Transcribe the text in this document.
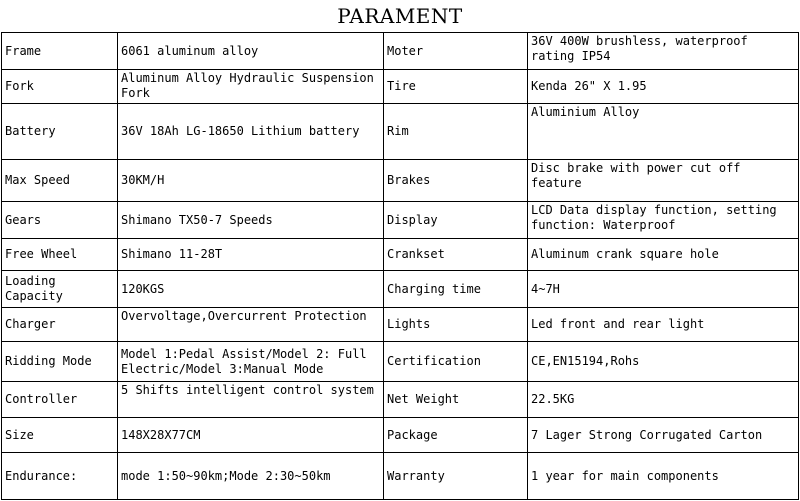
PARAMENT
Frame	6061 aluminum alloy	Moter	36V 400W brushless, waterproof rating IP54
Fork	Aluminum Alloy Hydraulic Suspension Fork	Tire	Kenda 26" X 1.95
Battery	36V 18Ah LG-18650 Lithium battery	Rim	Aluminium Alloy
Max Speed	30KM/H	Brakes	Disc brake with power cut off feature
Gears	Shimano TX50-7 Speeds	Display	LCD Data display function, setting function: Waterproof
Free Wheel	Shimano 11-28T	Crankset	Aluminum crank square hole
Loading Capacity	120KGS	Charging time	4~7H
Charger	Overvoltage,Overcurrent Protection	Lights	Led front and rear light
Ridding Mode	Model 1:Pedal Assist/Model 2: Full Electric/Model 3:Manual Mode	Certification	CE,EN15194,Rohs
Controller	5 Shifts intelligent control system	Net Weight	22.5KG
Size	148X28X77CM	Package	7 Lager Strong Corrugated Carton
Endurance:	mode 1:50~90km;Mode 2:30~50km	Warranty	1 year for main components
